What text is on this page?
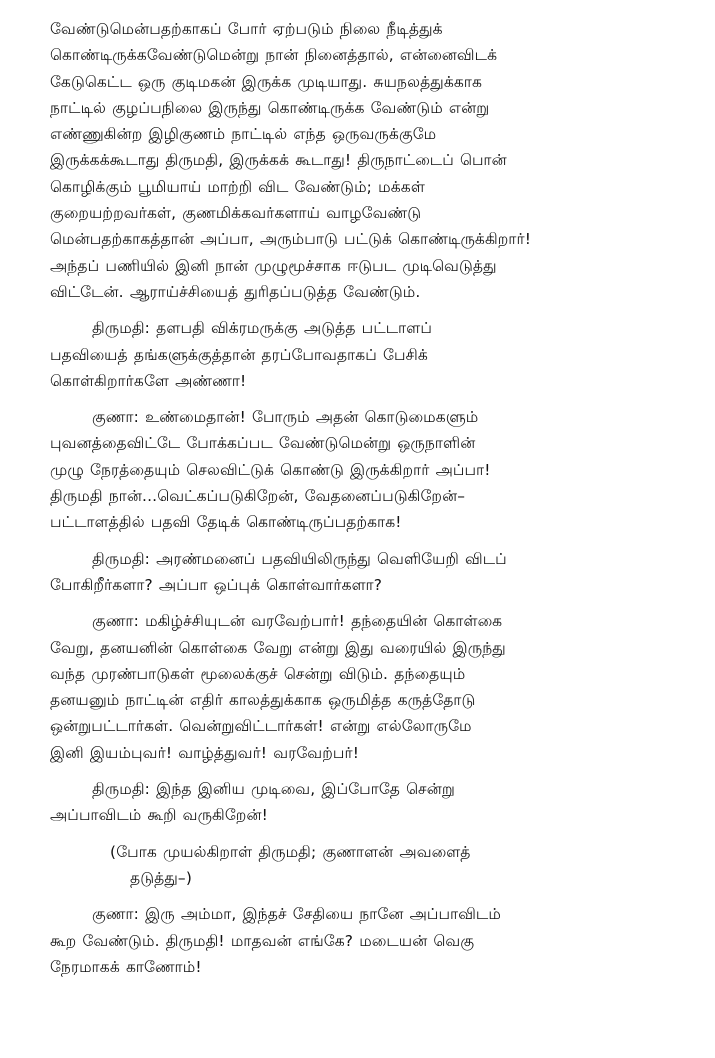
வேண்டுமென்பதற்காகப் போர் ஏற்படும் நிலை நீடித்துக்
கொண்டிருக்கவேண்டுமென்று நான் நினைத்தால், என்னைவிடக்
கேடுகெட்ட ஒரு குடிமகன் இருக்க முடியாது. சுயநலத்துக்காக
நாட்டில் குழப்பநிலை இருந்து கொண்டிருக்க வேண்டும் என்று
எண்ணுகின்ற இழிகுணம் நாட்டில் எந்த ஒருவருக்குமே
இருக்கக்கூடாது திருமதி, இருக்கக் கூடாது! திருநாட்டைப் பொன்
கொழிக்கும் பூமியாய் மாற்றி விட வேண்டும்; மக்கள்
குறையற்றவர்கள், குணமிக்கவர்களாய் வாழவேண்டு
மென்பதற்காகத்தான் அப்பா, அரும்பாடு பட்டுக் கொண்டிருக்கிறார்!
அந்தப் பணியில் இனி நான் முழுமூச்சாக ஈடுபட முடிவெடுத்து
விட்டேன். ஆராய்ச்சியைத் துரிதப்படுத்த வேண்டும்.

திருமதி: தளபதி விக்ரமருக்கு அடுத்த பட்டாளப்
பதவியைத் தங்களுக்குத்தான் தரப்போவதாகப் பேசிக்
கொள்கிறார்களே அண்ணா!

குணா: உண்மைதான்! போரும் அதன் கொடுமைகளும்
புவனத்தைவிட்டே போக்கப்பட வேண்டுமென்று ஒருநாளின்
முழு நேரத்தையும் செலவிட்டுக் கொண்டு இருக்கிறார் அப்பா!
திருமதி நான்...வெட்கப்படுகிறேன், வேதனைப்படுகிறேன்–
பட்டாளத்தில் பதவி தேடிக் கொண்டிருப்பதற்காக!

திருமதி: அரண்மனைப் பதவியிலிருந்து வெளியேறி விடப்
போகிறீர்களா? அப்பா ஒப்புக் கொள்வார்களா?

குணா: மகிழ்ச்சியுடன் வரவேற்பார்! தந்தையின் கொள்கை
வேறு, தனயனின் கொள்கை வேறு என்று இது வரையில் இருந்து
வந்த முரண்பாடுகள் மூலைக்குச் சென்று விடும். தந்தையும்
தனயனும் நாட்டின் எதிர் காலத்துக்காக ஒருமித்த கருத்தோடு
ஒன்றுபட்டார்கள். வென்றுவிட்டார்கள்! என்று எல்லோருமே
இனி இயம்புவர்! வாழ்த்துவர்! வரவேற்பர்!

திருமதி: இந்த இனிய முடிவை, இப்போதே சென்று
அப்பாவிடம் கூறி வருகிறேன்!

(போக முயல்கிறாள் திருமதி; குணாளன் அவளைத்
தடுத்து–)

குணா: இரு அம்மா, இந்தச் சேதியை நானே அப்பாவிடம்
கூற வேண்டும். திருமதி! மாதவன் எங்கே? மடையன் வெகு
நேரமாகக் காணோம்!
